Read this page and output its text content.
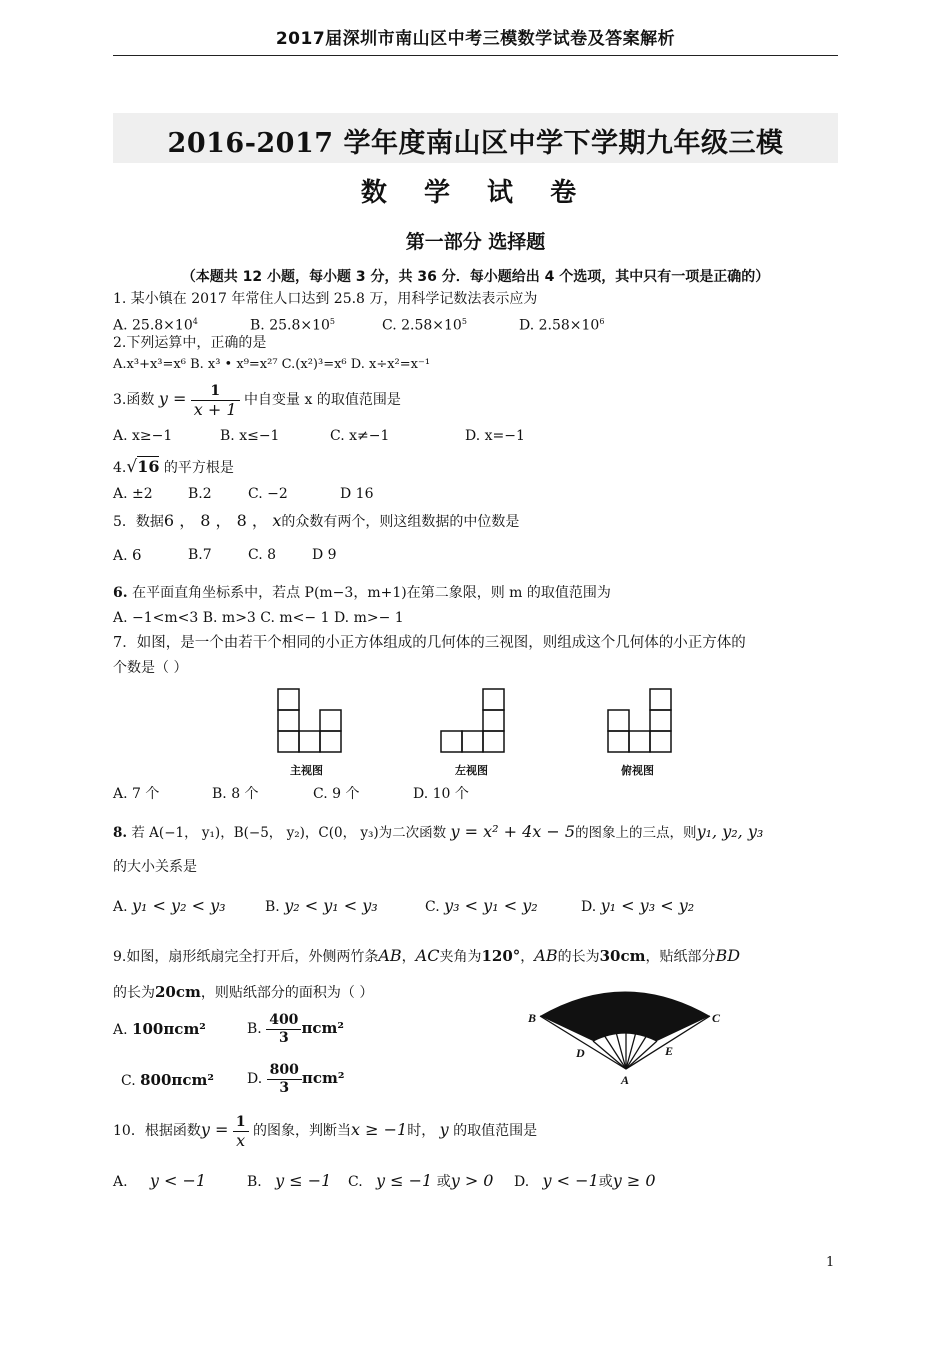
2017届深圳市南山区中考三模数学试卷及答案解析
2016-2017 学年度南山区中学下学期九年级三模
数 学 试 卷
第一部分 选择题
（本题共 12 小题，每小题 3 分，共 36 分．每小题给出 4 个选项，其中只有一项是正确的）
1. 某小镇在 2017 年常住人口达到 25.8 万，用科学记数法表示应为
A. $25.8\times 10^4$	B. $25.8\times 10^5$	C. $2.58\times 10^5$	D. $2.58\times 10^6$
2.下列运算中，正确的是
A.x³+x³=x⁶ B. x³ • x⁹=x²⁷ C.(x²)³=x⁶ D. x÷x²=x⁻¹
3.函数 $y = \frac{1}{x + 1}$ 中自变量 x 的取值范围是
A. x≥−1	B. x≤−1	C. x≠−1	D. x=−1
4.√16 的平方根是
A. ±2	B.2	C. −2	D 16
5．数据6 ， 8 ， 8 ， x的众数有两个，则这组数据的中位数是
A. 6	B.7	C. 8	D 9
6. 在平面直角坐标系中，若点 P(m−3，m+1)在第二象限，则 m 的取值范围为
A. −1<m<3 B. m>3 C. m<− 1 D. m>− 1
7．如图，是一个由若干个相同的小正方体组成的几何体的三视图，则组成这个几何体的小正方体的
个数是（ ）
主视图	左视图	俯视图
A. 7 个	B. 8 个	C. 9 个	D. 10 个
8. 若 A(−1， y₁)，B(−5， y₂)，C(0， y₃)为二次函数 y = x² + 4x − 5的图象上的三点，则y₁, y₂, y₃
的大小关系是
A. y₁ < y₂ < y₃	B. y₂ < y₁ < y₃	C. y₃ < y₁ < y₂	D. y₁ < y₃ < y₂
9.如图，扇形纸扇完全打开后，外侧两竹条AB，AC夹角为120°，AB的长为30cm，贴纸部分BD
的长为20cm，则贴纸部分的面积为（ ）
A. 100πcm²	B. $\frac{400}{3} \pi cm^2$
C. 800πcm² D. $\frac{800}{3} \pi cm^2$
B	C
D	E
A
10．根据函数$y = \frac{1}{x}$ 的图象，判断当x ≥ −1时， y 的取值范围是
A. y < −1	B. y ≤ −1 C. y ≤ −1 或y > 0 D. y < −1或y ≥ 0
1
